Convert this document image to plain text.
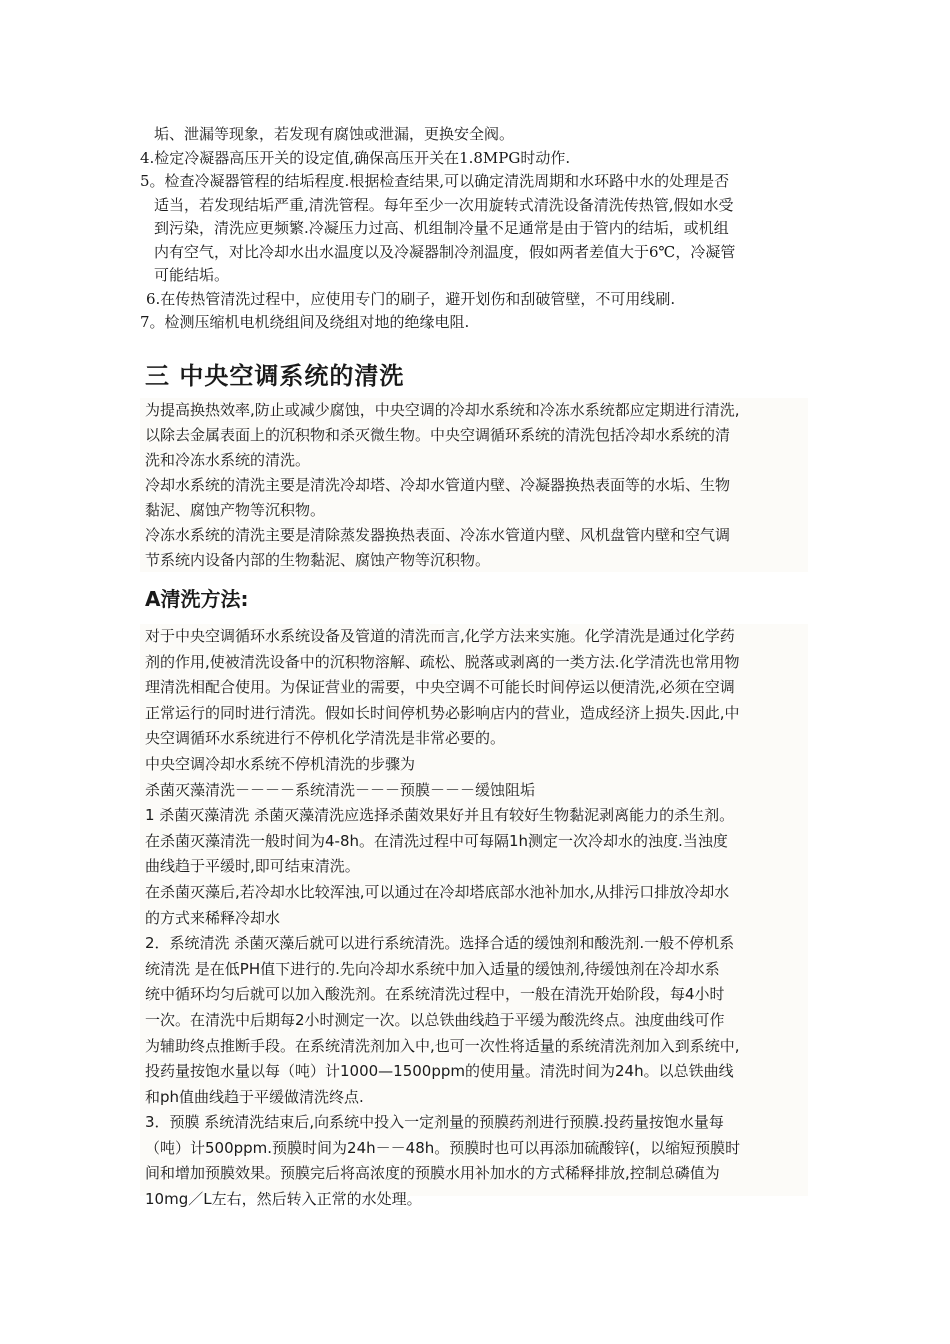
垢、泄漏等现象，若发现有腐蚀或泄漏，更换安全阀。

4.检定冷凝器高压开关的设定值,确保高压开关在1.8MPG时动作.

5。检查冷凝器管程的结垢程度.根据检查结果,可以确定清洗周期和水环路中水的处理是否

适当，若发现结垢严重,清洗管程。每年至少一次用旋转式清洗设备清洗传热管,假如水受

到污染，清洗应更频繁.冷凝压力过高、机组制冷量不足通常是由于管内的结垢，或机组

内有空气，对比冷却水出水温度以及冷凝器制冷剂温度，假如两者差值大于6℃，冷凝管

可能结垢。

6.在传热管清洗过程中，应使用专门的刷子，避开划伤和刮破管壁，不可用线刷.

7。检测压缩机电机绕组间及绕组对地的绝缘电阻.

三 中央空调系统的清洗

为提高换热效率,防止或减少腐蚀，中央空调的冷却水系统和冷冻水系统都应定期进行清洗,

以除去金属表面上的沉积物和杀灭微生物。中央空调循环系统的清洗包括冷却水系统的清

洗和冷冻水系统的清洗。

冷却水系统的清洗主要是清洗冷却塔、冷却水管道内壁、冷凝器换热表面等的水垢、生物

黏泥、腐蚀产物等沉积物。

冷冻水系统的清洗主要是清除蒸发器换热表面、冷冻水管道内壁、风机盘管内壁和空气调

节系统内设备内部的生物黏泥、腐蚀产物等沉积物。

A清洗方法:

对于中央空调循环水系统设备及管道的清洗而言,化学方法来实施。化学清洗是通过化学药

剂的作用,使被清洗设备中的沉积物溶解、疏松、脱落或剥离的一类方法.化学清洗也常用物

理清洗相配合使用。为保证营业的需要，中央空调不可能长时间停运以便清洗,必须在空调

正常运行的同时进行清洗。假如长时间停机势必影响店内的营业，造成经济上损失.因此,中

央空调循环水系统进行不停机化学清洗是非常必要的。

中央空调冷却水系统不停机清洗的步骤为

杀菌灭藻清洗－－－－系统清洗－－－预膜－－－缓蚀阻垢

1 杀菌灭藻清洗 杀菌灭藻清洗应选择杀菌效果好并且有较好生物黏泥剥离能力的杀生剂。

在杀菌灭藻清洗一般时间为4-8h。在清洗过程中可每隔1h测定一次冷却水的浊度.当浊度

曲线趋于平缓时,即可结束清洗。

在杀菌灭藻后,若冷却水比较浑浊,可以通过在冷却塔底部水池补加水,从排污口排放冷却水

的方式来稀释冷却水

2．系统清洗 杀菌灭藻后就可以进行系统清洗。选择合适的缓蚀剂和酸洗剂.一般不停机系

统清洗 是在低PH值下进行的.先向冷却水系统中加入适量的缓蚀剂,待缓蚀剂在冷却水系

统中循环均匀后就可以加入酸洗剂。在系统清洗过程中，一般在清洗开始阶段，每4小时

一次。在清洗中后期每2小时测定一次。以总铁曲线趋于平缓为酸洗终点。浊度曲线可作

为辅助终点推断手段。在系统清洗剂加入中,也可一次性将适量的系统清洗剂加入到系统中,

投药量按饱水量以每（吨）计1000—1500ppm的使用量。清洗时间为24h。以总铁曲线

和ph值曲线趋于平缓做清洗终点.

3．预膜 系统清洗结束后,向系统中投入一定剂量的预膜药剂进行预膜.投药量按饱水量每

（吨）计500ppm.预膜时间为24h－－48h。预膜时也可以再添加硫酸锌(，以缩短预膜时

间和增加预膜效果。预膜完后将高浓度的预膜水用补加水的方式稀释排放,控制总磷值为

10mg／L左右，然后转入正常的水处理。
